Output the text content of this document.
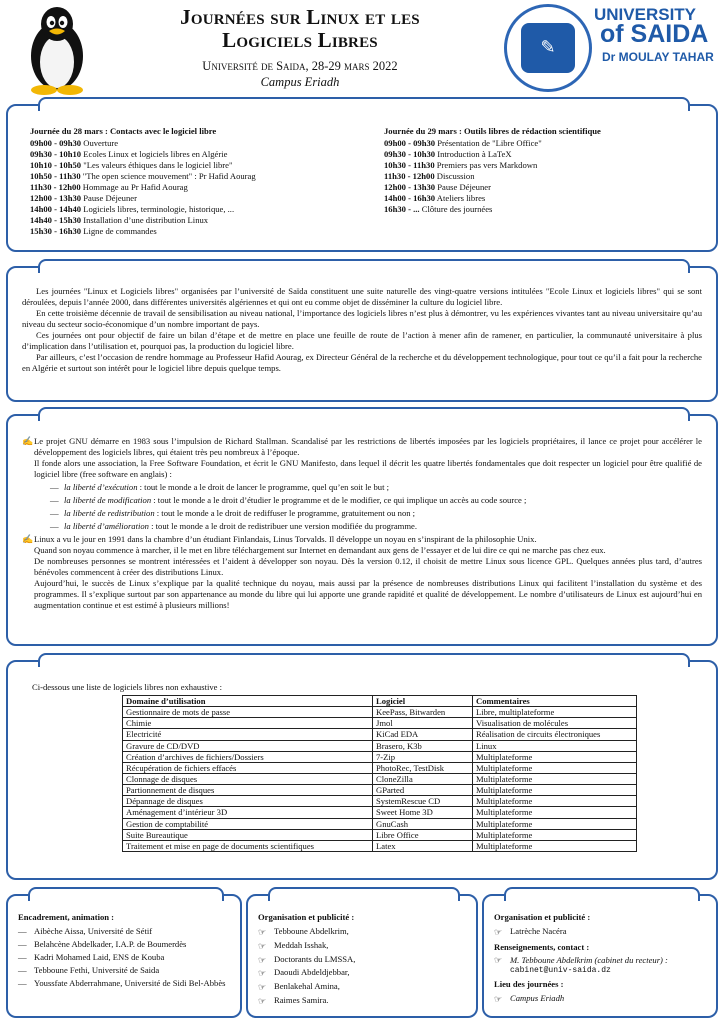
Journées sur Linux et les
Logiciels Libres
Université de Saida, 28-29 mars 2022
Campus Eriadh
✎
UNIVERSITY
of SAIDA
Dr MOULAY TAHAR
Journée du 28 mars : Contacts avec le logiciel libre
09h00 - 09h30 Ouverture
09h30 - 10h10 Ecoles Linux et logiciels libres en Algérie
10h10 - 10h50 "Les valeurs éthiques dans le logiciel libre"
10h50 - 11h30 "The open science mouvement" : Pr Hafid Aourag
11h30 - 12h00 Hommage au Pr Hafid Aourag
12h00 - 13h30 Pause Déjeuner
14h00 - 14h40 Logiciels libres, terminologie, historique, ...
14h40 - 15h30 Installation d’une distribution Linux
15h30 - 16h30 Ligne de commandes
Journée du 29 mars : Outils libres de rédaction scientifique
09h00 - 09h30 Présentation de "Libre Office"
09h30 - 10h30 Introduction à LaTeX
10h30 - 11h30 Premiers pas vers Markdown
11h30 - 12h00 Discussion
12h00 - 13h30 Pause Déjeuner
14h00 - 16h30 Ateliers libres
16h30 - ... Clôture des journées

Les journées "Linux et Logiciels libres" organisées par l’université de Saïda constituent une suite naturelle des vingt-quatre versions intitulées "Ecole Linux et logiciels libres" qui se sont déroulées, depuis l’année 2000, dans différentes universités algériennes et qui ont eu comme objet de disséminer la culture du logiciel libre.

En cette troisième décennie de travail de sensibilisation au niveau national, l’importance des logiciels libres n’est plus à démontrer, vu les expériences vivantes tant au niveau universitaire qu’au niveau du secteur socio-économique d’un nombre important de pays.

Ces journées ont pour objectif de faire un bilan d’étape et de mettre en place une feuille de route de l’action à mener afin de ramener, en particulier, la communauté universitaire à plus d’implication dans l’utilisation et, pourquoi pas, la production du logiciel libre.

Par ailleurs, c’est l’occasion de rendre hommage au Professeur Hafid Aourag, ex Directeur Général de la recherche et du développement technologique, pour tout ce qu’il a fait pour la recherche en Algérie et surtout son intérêt pour le logiciel libre depuis quelque temps.

✍ Le projet GNU démarre en 1983 sous l’impulsion de Richard Stallman. Scandalisé par les restrictions de libertés imposées par les logiciels propriétaires, il lance ce projet pour accélérer le développement des logiciels libres, qui étaient très peu nombreux à l’époque.

Il fonde alors une association, la Free Software Foundation, et écrit le GNU Manifesto, dans lequel il décrit les quatre libertés fondamentales que doit respecter un logiciel pour être qualifié de logiciel libre (free software en anglais) :

— la liberté d’exécution : tout le monde a le droit de lancer le programme, quel qu’en soit le but ;
— la liberté de modification : tout le monde a le droit d’étudier le programme et de le modifier, ce qui implique un accès au code source ;
— la liberté de redistribution : tout le monde a le droit de rediffuser le programme, gratuitement ou non ;
— la liberté d’amélioration : tout le monde a le droit de redistribuer une version modifiée du programme.
✍ Linux a vu le jour en 1991 dans la chambre d’un étudiant Finlandais, Linus Torvalds. Il développe un noyau en s’inspirant de la philosophie Unix.

Quand son noyau commence à marcher, il le met en libre téléchargement sur Internet en demandant aux gens de l’essayer et de lui dire ce qui ne marche pas chez eux.

De nombreuses personnes se montrent intéressées et l’aident à développer son noyau. Dès la version 0.12, il choisit de mettre Linux sous licence GPL. Quelques années plus tard, d’autres bénévoles commencent à créer des distributions Linux.

Aujourd’hui, le succès de Linux s’explique par la qualité technique du noyau, mais aussi par la présence de nombreuses distributions Linux qui facilitent l’installation du système et des programmes. Il s’explique surtout par son appartenance au monde du libre qui lui apporte une grande rapidité et qualité de développement. Le nombre d’utilisateurs de Linux est aujourd’hui en augmentation continue et est estimé à plusieurs millions!

Ci-dessous une liste de logiciels libres non exhaustive :
Domaine d’utilisation	Logiciel	Commentaires
Gestionnaire de mots de passe	KeePass, Bitwarden	Libre, multiplateforme
Chimie	Jmol	Visualisation de molécules
Electricité	KiCad EDA	Réalisation de circuits électroniques
Gravure de CD/DVD	Brasero, K3b	Linux
Création d’archives de fichiers/Dossiers	7-Zip	Multiplateforme
Récupération de fichiers effacés	PhotoRec, TestDisk	Multiplateforme
Clonnage de disques	CloneZilla	Multiplateforme
Partionnement de disques	GParted	Multiplateforme
Dépannage de disques	SystemRescue CD	Multiplateforme
Aménagement d’intérieur 3D	Sweet Home 3D	Multiplateforme
Gestion de comptabilité	GnuCash	Multiplateforme
Suite Bureautique	Libre Office	Multiplateforme
Traitement et mise en page de documents scientifiques	Latex	Multiplateforme
Encadrement, animation :
— Aibèche Aissa, Université de Sétif
— Belahcène Abdelkader, I.A.P. de Boumerdès
— Kadri Mohamed Laid, ENS de Kouba
— Tebboune Fethi, Université de Saida
— Youssfate Abderrahmane, Université de Sidi Bel-Abbès
Organisation et publicité :
☞ Tebboune Abdelkrim,
☞ Meddah Isshak,
☞ Doctorants du LMSSA,
☞ Daoudi Abdeldjebbar,
☞ Benlakehal Amina,
☞ Raimes Samira.
Organisation et publicité :
☞ Latrèche Nacéra
Renseignements, contact :
☞ M. Tebboune Abdelkrim (cabinet du recteur) :
cabinet@univ-saida.dz
Lieu des journées :
☞ Campus Eriadh
